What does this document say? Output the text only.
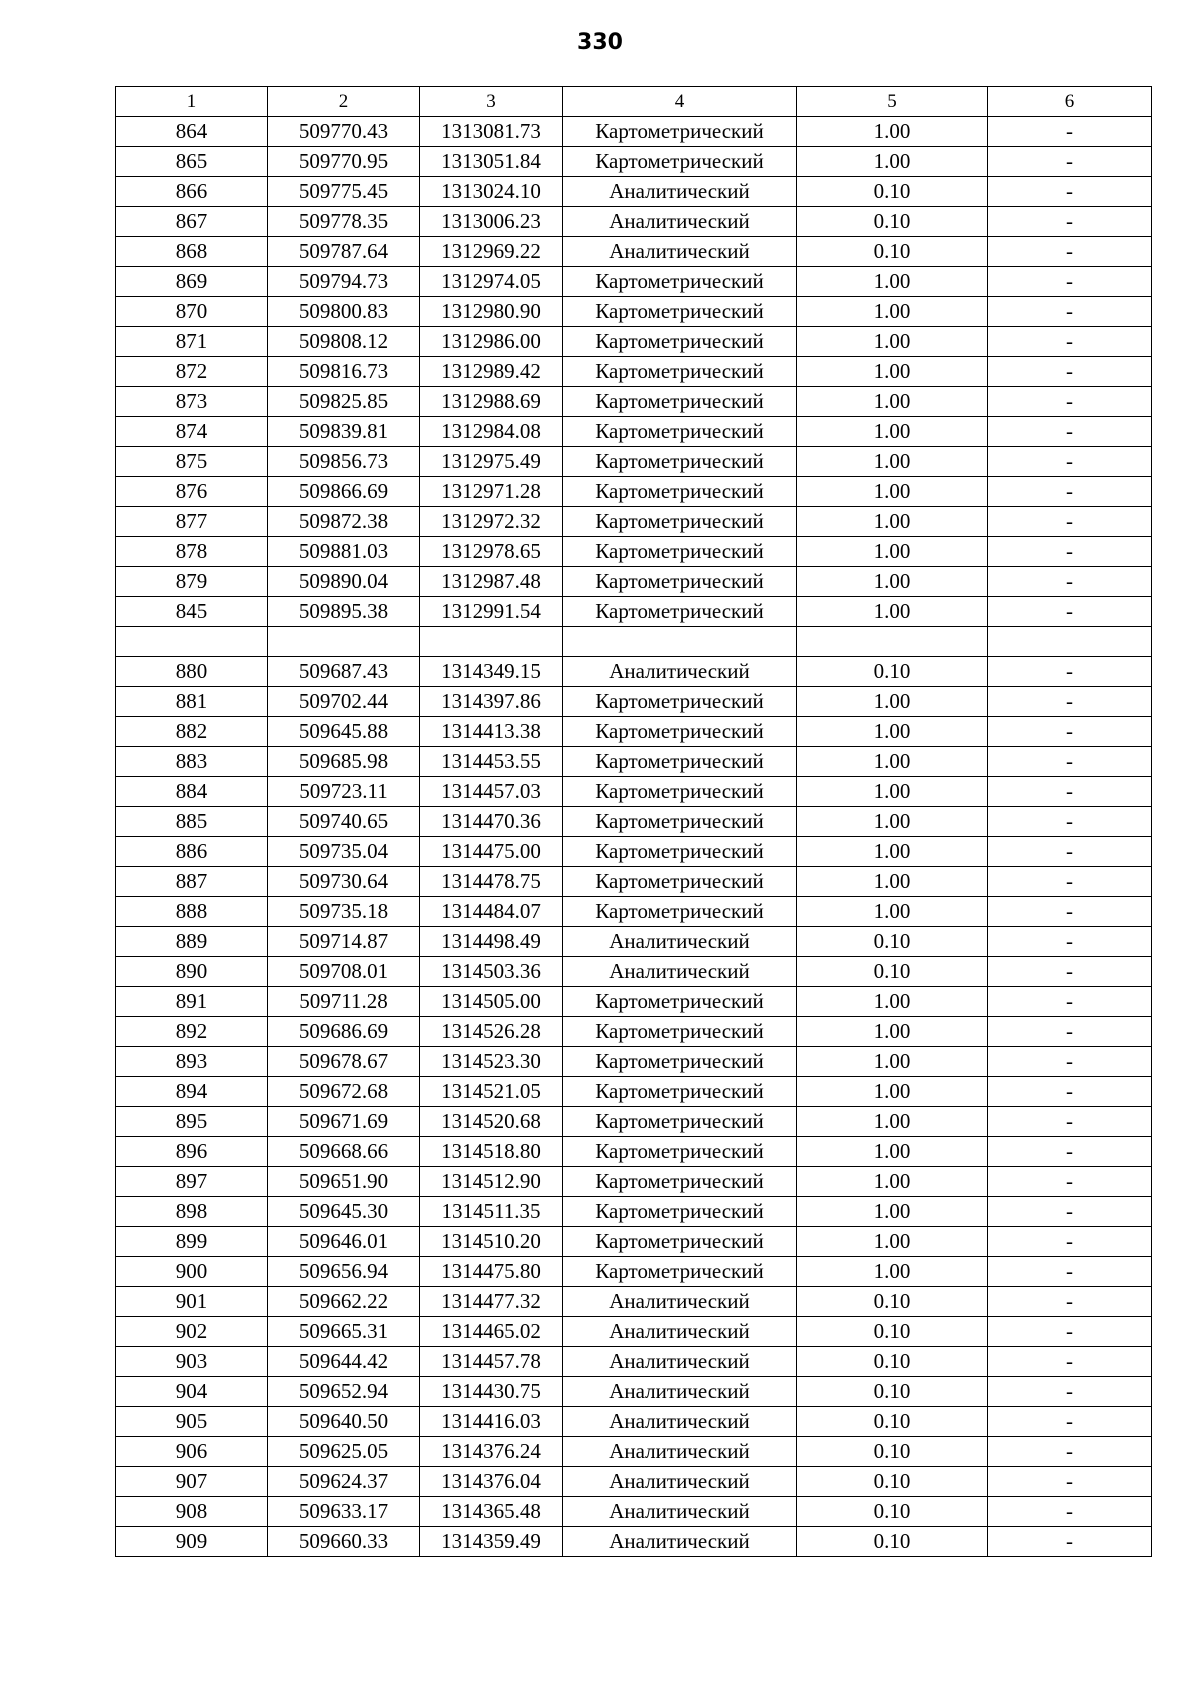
330
1	2	3	4	5	6
864	509770.43	1313081.73	Картометрический	1.00	-
865	509770.95	1313051.84	Картометрический	1.00	-
866	509775.45	1313024.10	Аналитический	0.10	-
867	509778.35	1313006.23	Аналитический	0.10	-
868	509787.64	1312969.22	Аналитический	0.10	-
869	509794.73	1312974.05	Картометрический	1.00	-
870	509800.83	1312980.90	Картометрический	1.00	-
871	509808.12	1312986.00	Картометрический	1.00	-
872	509816.73	1312989.42	Картометрический	1.00	-
873	509825.85	1312988.69	Картометрический	1.00	-
874	509839.81	1312984.08	Картометрический	1.00	-
875	509856.73	1312975.49	Картометрический	1.00	-
876	509866.69	1312971.28	Картометрический	1.00	-
877	509872.38	1312972.32	Картометрический	1.00	-
878	509881.03	1312978.65	Картометрический	1.00	-
879	509890.04	1312987.48	Картометрический	1.00	-
845	509895.38	1312991.54	Картометрический	1.00	-

880	509687.43	1314349.15	Аналитический	0.10	-
881	509702.44	1314397.86	Картометрический	1.00	-
882	509645.88	1314413.38	Картометрический	1.00	-
883	509685.98	1314453.55	Картометрический	1.00	-
884	509723.11	1314457.03	Картометрический	1.00	-
885	509740.65	1314470.36	Картометрический	1.00	-
886	509735.04	1314475.00	Картометрический	1.00	-
887	509730.64	1314478.75	Картометрический	1.00	-
888	509735.18	1314484.07	Картометрический	1.00	-
889	509714.87	1314498.49	Аналитический	0.10	-
890	509708.01	1314503.36	Аналитический	0.10	-
891	509711.28	1314505.00	Картометрический	1.00	-
892	509686.69	1314526.28	Картометрический	1.00	-
893	509678.67	1314523.30	Картометрический	1.00	-
894	509672.68	1314521.05	Картометрический	1.00	-
895	509671.69	1314520.68	Картометрический	1.00	-
896	509668.66	1314518.80	Картометрический	1.00	-
897	509651.90	1314512.90	Картометрический	1.00	-
898	509645.30	1314511.35	Картометрический	1.00	-
899	509646.01	1314510.20	Картометрический	1.00	-
900	509656.94	1314475.80	Картометрический	1.00	-
901	509662.22	1314477.32	Аналитический	0.10	-
902	509665.31	1314465.02	Аналитический	0.10	-
903	509644.42	1314457.78	Аналитический	0.10	-
904	509652.94	1314430.75	Аналитический	0.10	-
905	509640.50	1314416.03	Аналитический	0.10	-
906	509625.05	1314376.24	Аналитический	0.10	-
907	509624.37	1314376.04	Аналитический	0.10	-
908	509633.17	1314365.48	Аналитический	0.10	-
909	509660.33	1314359.49	Аналитический	0.10	-
